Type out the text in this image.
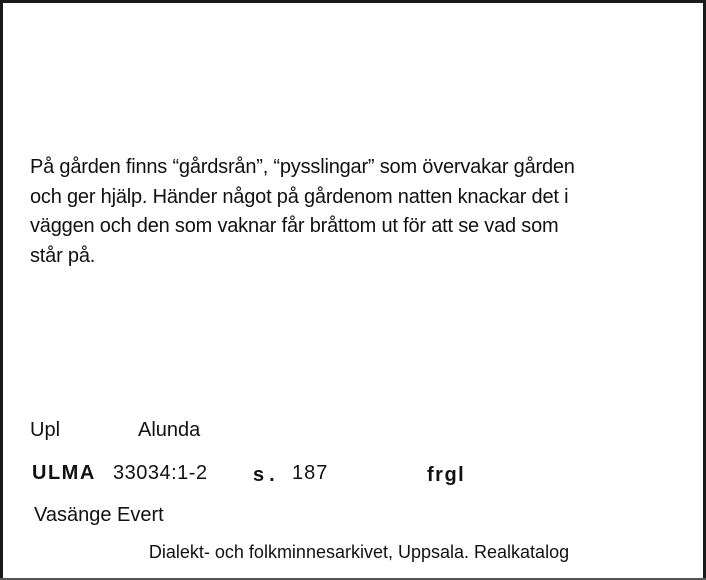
På gården finns “gårdsrån”, “pysslingar” som övervakar gården
och ger hjälp. Händer något på gårdenom natten knackar det i
väggen och den som vaknar får bråttom ut för att se vad som
står på.
Upl	Alunda
ULMA 33034:1-2 s. 187	frgl
Vasänge Evert
Dialekt- och folkminnesarkivet, Uppsala. Realkatalog
